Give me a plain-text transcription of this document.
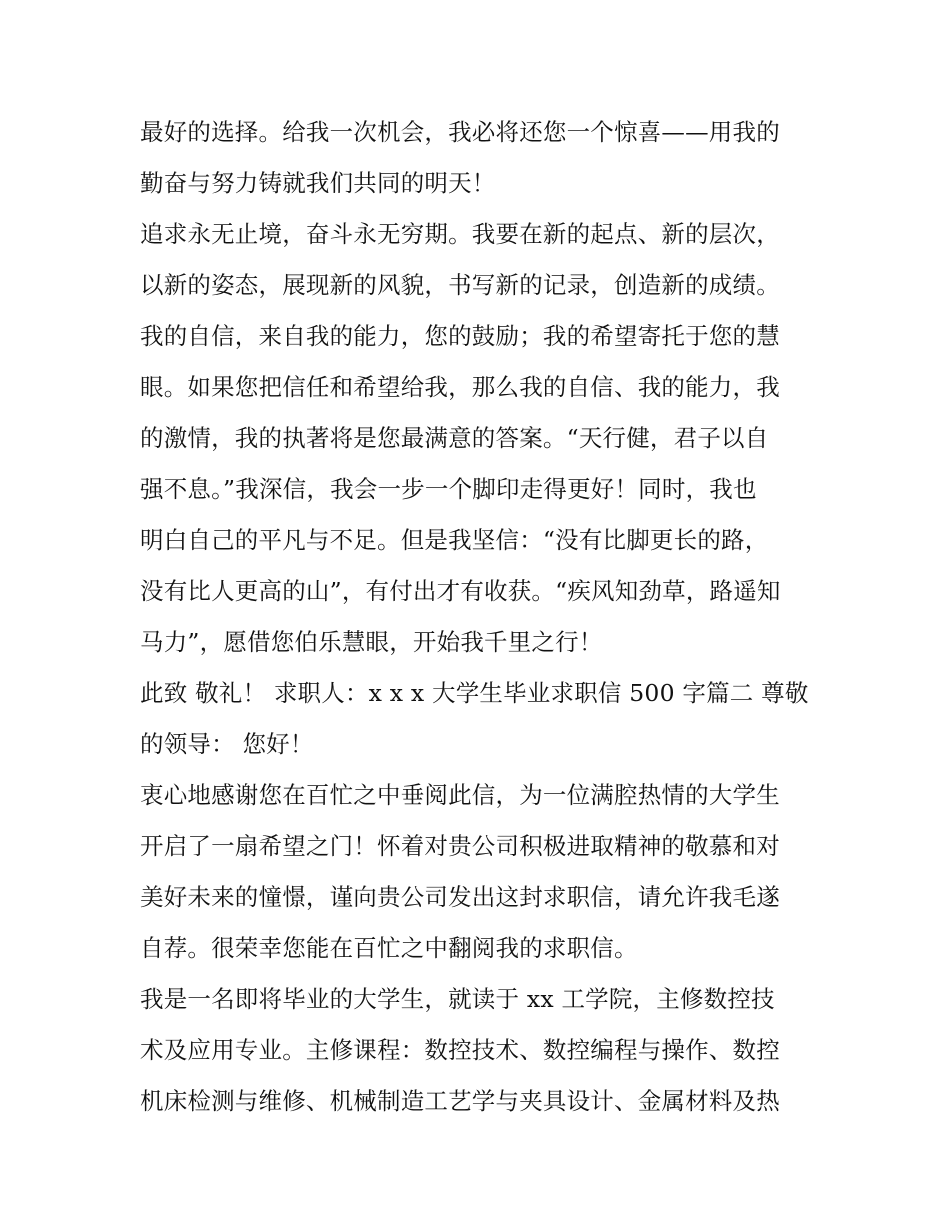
最好的选择。给我一次机会，我必将还您一个惊喜——用我的
勤奋与努力铸就我们共同的明天！

追求永无止境，奋斗永无穷期。我要在新的起点、新的层次，
以新的姿态，展现新的风貌，书写新的记录，创造新的成绩。
我的自信，来自我的能力，您的鼓励；我的希望寄托于您的慧
眼。如果您把信任和希望给我，那么我的自信、我的能力，我
的激情，我的执著将是您最满意的答案。“天行健，君子以自
强不息。”我深信，我会一步一个脚印走得更好！同时，我也
明白自己的平凡与不足。但是我坚信：“没有比脚更长的路，
没有比人更高的山”，有付出才有收获。“疾风知劲草，路遥知
马力”，愿借您伯乐慧眼，开始我千里之行！

此致 敬礼！ 求职人：x x x 大学生毕业求职信 500 字篇二 尊敬
的领导： 您好！

衷心地感谢您在百忙之中垂阅此信，为一位满腔热情的大学生
开启了一扇希望之门！怀着对贵公司积极进取精神的敬慕和对
美好未来的憧憬，谨向贵公司发出这封求职信，请允许我毛遂
自荐。很荣幸您能在百忙之中翻阅我的求职信。

我是一名即将毕业的大学生，就读于 xx 工学院，主修数控技
术及应用专业。主修课程：数控技术、数控编程与操作、数控
机床检测与维修、机械制造工艺学与夹具设计、金属材料及热
